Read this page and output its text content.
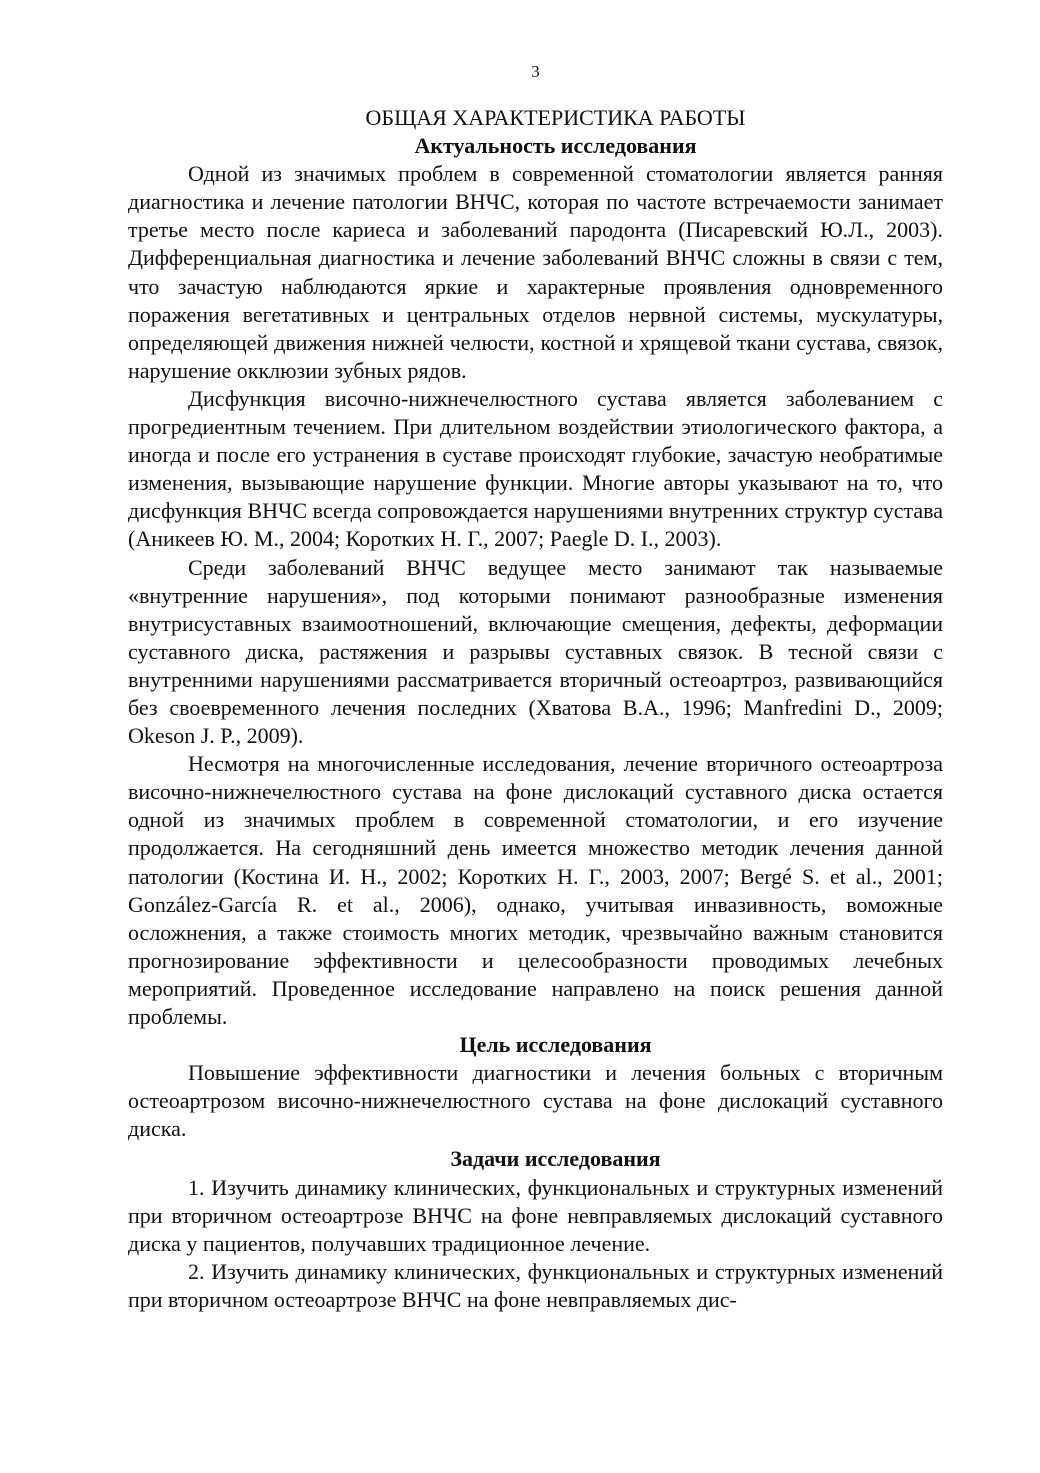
3
ОБЩАЯ ХАРАКТЕРИСТИКА РАБОТЫ
Актуальность исследования

Одной из значимых проблем в современной стоматологии является ранняя диагностика и лечение патологии ВНЧС, которая по частоте встречаемости занимает третье место после кариеса и заболеваний пародонта (Писаревский Ю.Л., 2003). Дифференциальная диагностика и лечение заболеваний ВНЧС сложны в связи с тем, что зачастую наблюдаются яркие и характерные проявления одновременного поражения вегетативных и центральных отделов нервной системы, мускулатуры, определяющей движения нижней челюсти, костной и хрящевой ткани сустава, связок, нарушение окклюзии зубных рядов.

Дисфункция височно-нижнечелюстного сустава является заболеванием с прогредиентным течением. При длительном воздействии этиологического фактора, а иногда и после его устранения в суставе происходят глубокие, зачастую необратимые изменения, вызывающие нарушение функции. Многие авторы указывают на то, что дисфункция ВНЧС всегда сопровождается нарушениями внутренних структур сустава (Аникеев Ю. М., 2004; Коротких Н. Г., 2007; Paegle D. I., 2003).

Среди заболеваний ВНЧС ведущее место занимают так называемые «внутренние нарушения», под которыми понимают разнообразные изменения внутрисуставных взаимоотношений, включающие смещения, дефекты, деформации суставного диска, растяжения и разрывы суставных связок. В тесной связи с внутренними нарушениями рассматривается вторичный остеоартроз, развивающийся без своевременного лечения последних (Хватова В.А., 1996; Manfredini D., 2009; Okeson J. P., 2009).

Несмотря на многочисленные исследования, лечение вторичного остеоартроза височно-нижнечелюстного сустава на фоне дислокаций суставного диска остается одной из значимых проблем в современной стоматологии, и его изучение продолжается. На сегодняшний день имеется множество методик лечения данной патологии (Костина И. Н., 2002; Коротких Н. Г., 2003, 2007; Bergé S. et al., 2001; González-García R. et al., 2006), однако, учитывая инвазивность, воможные осложнения, а также стоимость многих методик, чрезвычайно важным становится прогнозирование эффективности и целесообразности проводимых лечебных мероприятий. Проведенное исследование направлено на поиск решения данной проблемы.

Цель исследования

Повышение эффективности диагностики и лечения больных с вторичным остеоартрозом височно-нижнечелюстного сустава на фоне дислокаций суставного диска.

Задачи исследования

1. Изучить динамику клинических, функциональных и структурных изменений при вторичном остеоартрозе ВНЧС на фоне невправляемых дислокаций суставного диска у пациентов, получавших традиционное лечение.

2. Изучить динамику клинических, функциональных и структурных изменений при вторичном остеоартрозе ВНЧС на фоне невправляемых дис-
